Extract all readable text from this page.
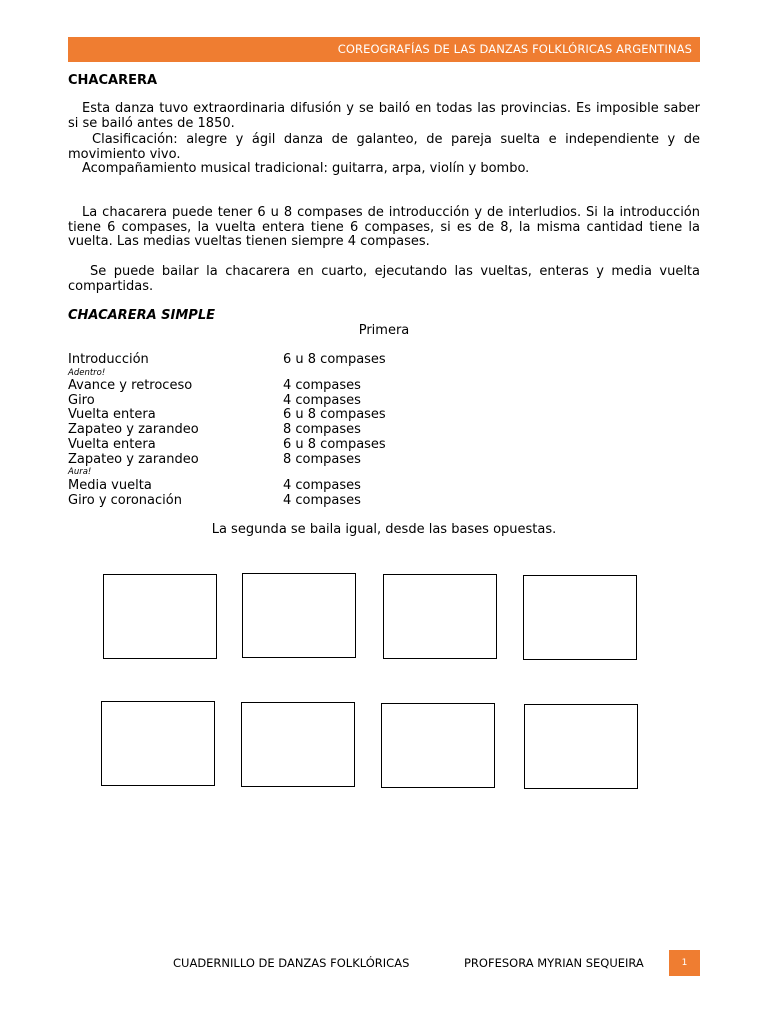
COREOGRAFÍAS DE LAS DANZAS FOLKLÓRICAS ARGENTINAS
CHACARERA
Esta danza tuvo extraordinaria difusión y se bailó en todas las provincias. Es imposible saber si se bailó antes de 1850.
Clasificación: alegre y ágil danza de galanteo, de pareja suelta e independiente y de movimiento vivo.
Acompañamiento musical tradicional: guitarra, arpa, violín y bombo.
La chacarera puede tener 6 u 8 compases de introducción y de interludios. Si la introducción tiene 6 compases, la vuelta entera tiene 6 compases, si es de 8, la misma cantidad tiene la vuelta. Las medias vueltas tienen siempre 4 compases.
Se puede bailar la chacarera en cuarto, ejecutando las vueltas, enteras y media vuelta compartidas.
CHACARERA SIMPLE
Primera
Introducción	6 u 8 compases
Adentro!
Avance y retroceso	4 compases
Giro	4 compases
Vuelta entera	6 u 8 compases
Zapateo y zarandeo	8 compases
Vuelta entera	6 u 8 compases
Zapateo y zarandeo	8 compases
Aura!
Media vuelta	4 compases
Giro y coronación	4 compases
La segunda se baila igual, desde las bases opuestas.
CUADERNILLO DE DANZAS FOLKLÓRICAS	PROFESORA MYRIAN SEQUEIRA	1
